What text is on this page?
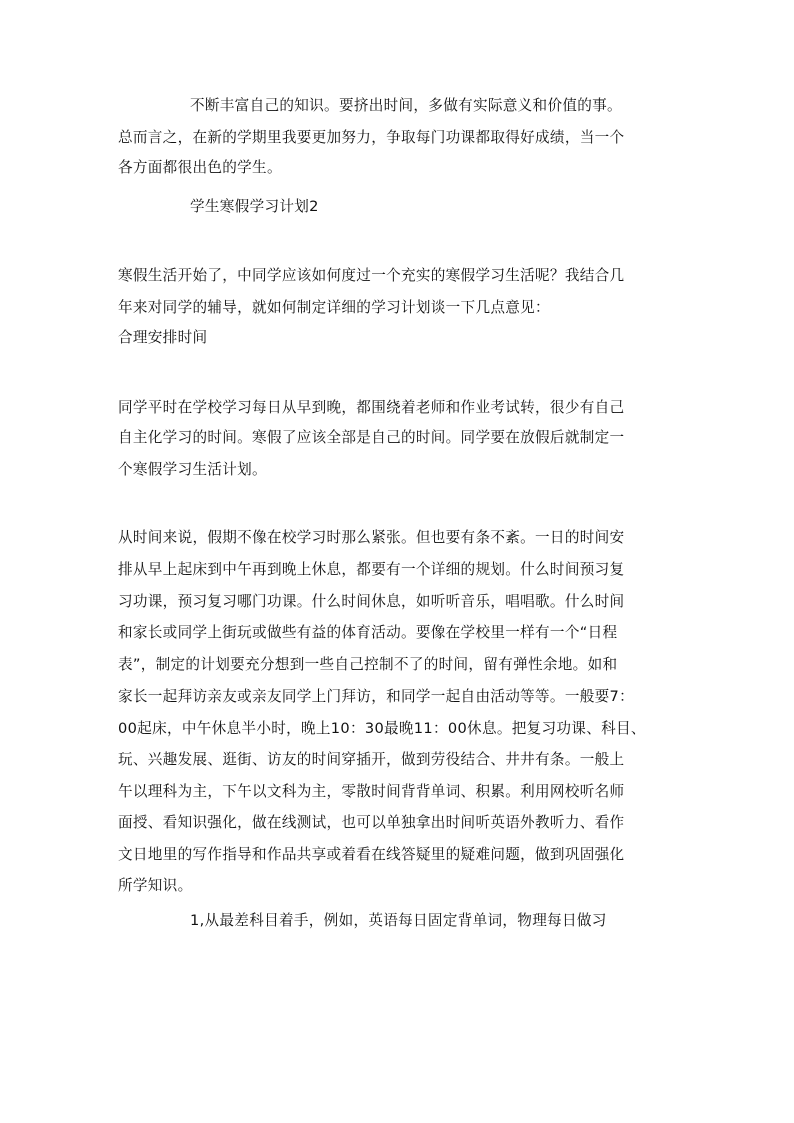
不断丰富自己的知识。要挤出时间，多做有实际意义和价值的事。
总而言之，在新的学期里我要更加努力，争取每门功课都取得好成绩，当一个
各方面都很出色的学生。
学生寒假学习计划2
寒假生活开始了，中同学应该如何度过一个充实的寒假学习生活呢？我结合几
年来对同学的辅导，就如何制定详细的学习计划谈一下几点意见：
合理安排时间
同学平时在学校学习每日从早到晚，都围绕着老师和作业考试转，很少有自己
自主化学习的时间。寒假了应该全部是自己的时间。同学要在放假后就制定一
个寒假学习生活计划。
从时间来说，假期不像在校学习时那么紧张。但也要有条不紊。一日的时间安
排从早上起床到中午再到晚上休息，都要有一个详细的规划。什么时间预习复
习功课，预习复习哪门功课。什么时间休息，如听听音乐，唱唱歌。什么时间
和家长或同学上街玩或做些有益的体育活动。要像在学校里一样有一个“日程
表”，制定的计划要充分想到一些自己控制不了的时间，留有弹性余地。如和
家长一起拜访亲友或亲友同学上门拜访，和同学一起自由活动等等。一般要7：
00起床，中午休息半小时，晚上10：30最晚11：00休息。把复习功课、科目、
玩、兴趣发展、逛街、访友的时间穿插开，做到劳役结合、井井有条。一般上
午以理科为主，下午以文科为主，零散时间背背单词、积累。利用网校听名师
面授、看知识强化，做在线测试，也可以单独拿出时间听英语外教听力、看作
文日地里的写作指导和作品共享或着看在线答疑里的疑难问题，做到巩固强化
所学知识。
1,从最差科目着手，例如，英语每日固定背单词，物理每日做习
